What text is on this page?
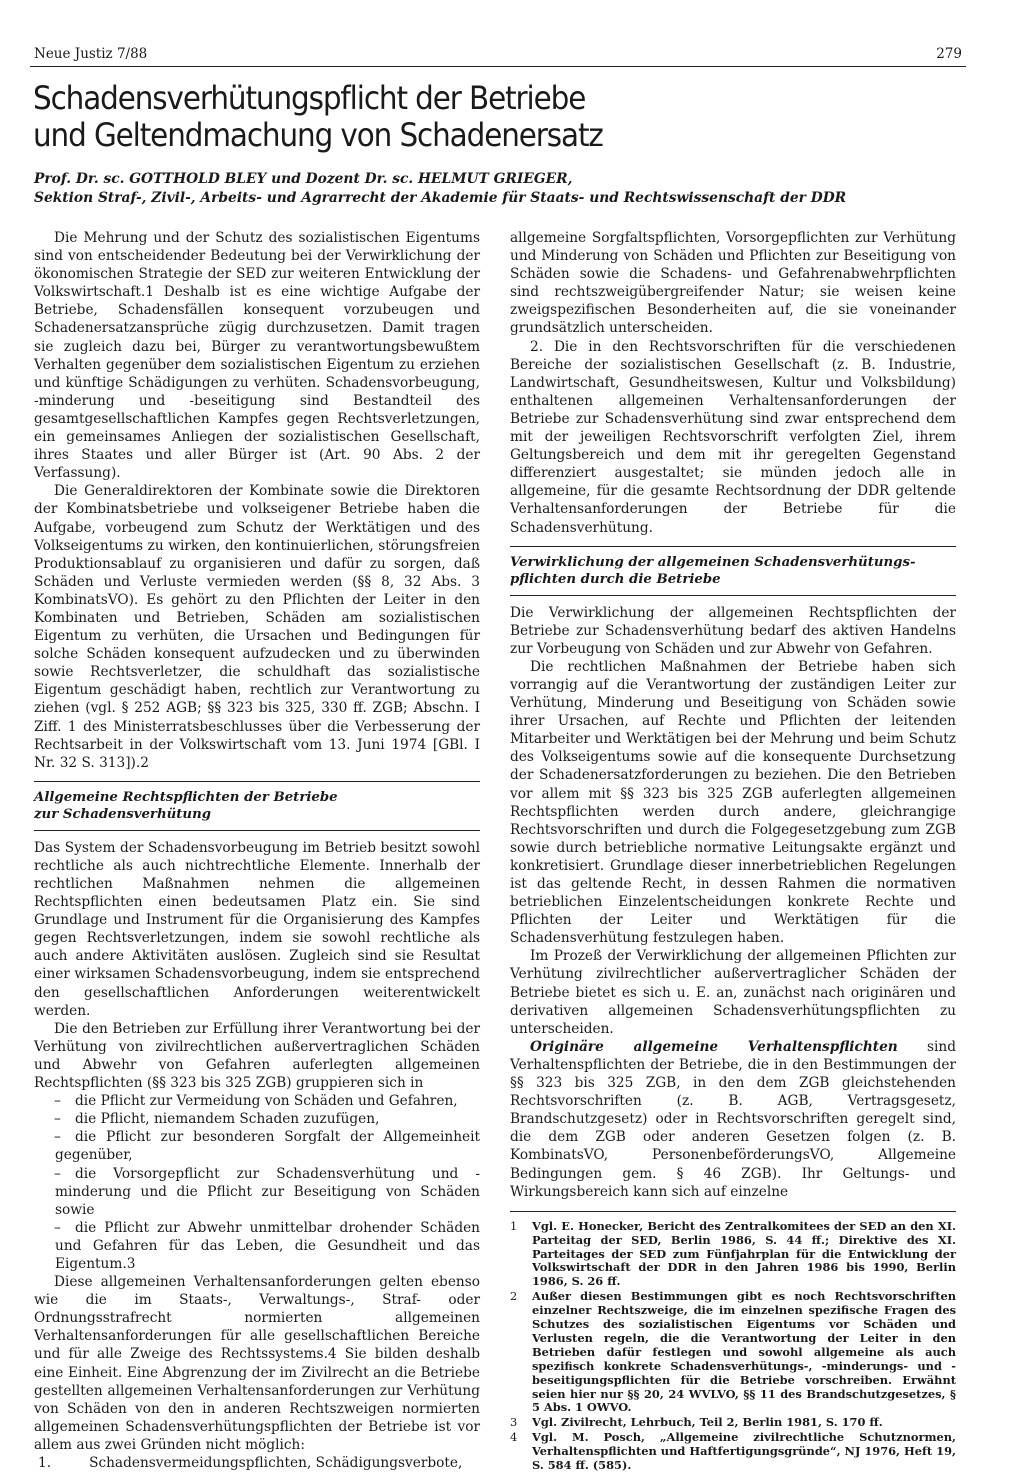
Neue Justiz 7/88	279
Schadensverhütungspflicht der Betriebe
und Geltendmachung von Schadenersatz
Prof. Dr. sc. GOTTHOLD BLEY und Dozent Dr. sc. HELMUT GRIEGER,
Sektion Straf-, Zivil-, Arbeits- und Agrarrecht der Akademie für Staats- und Rechtswissenschaft der DDR

Die Mehrung und der Schutz des sozialistischen Eigentums sind von entscheidender Bedeutung bei der Verwirklichung der ökonomischen Strategie der SED zur weiteren Entwicklung der Volkswirtschaft.1 Deshalb ist es eine wichtige Aufgabe der Betriebe, Schadensfällen konsequent vorzubeugen und Schadenersatzansprüche zügig durchzusetzen. Damit tragen sie zugleich dazu bei, Bürger zu verantwortungsbewußtem Verhalten gegenüber dem sozialistischen Eigentum zu erziehen und künftige Schädigungen zu verhüten. Schadensvorbeugung, -minderung und -beseitigung sind Bestandteil des gesamtgesellschaftlichen Kampfes gegen Rechtsverletzungen, ein gemeinsames Anliegen der sozialistischen Gesellschaft, ihres Staates und aller Bürger ist (Art. 90 Abs. 2 der Verfassung).

Die Generaldirektoren der Kombinate sowie die Direktoren der Kombinatsbetriebe und volkseigener Betriebe haben die Aufgabe, vorbeugend zum Schutz der Werktätigen und des Volkseigentums zu wirken, den kontinuierlichen, störungsfreien Produktionsablauf zu organisieren und dafür zu sorgen, daß Schäden und Verluste vermieden werden (§§ 8, 32 Abs. 3 KombinatsVO). Es gehört zu den Pflichten der Leiter in den Kombinaten und Betrieben, Schäden am sozialistischen Eigentum zu verhüten, die Ursachen und Bedingungen für solche Schäden konsequent aufzudecken und zu überwinden sowie Rechtsverletzer, die schuldhaft das sozialistische Eigentum geschädigt haben, rechtlich zur Verantwortung zu ziehen (vgl. § 252 AGB; §§ 323 bis 325, 330 ff. ZGB; Abschn. I Ziff. 1 des Ministerratsbeschlusses über die Verbesserung der Rechtsarbeit in der Volkswirtschaft vom 13. Juni 1974 [GBl. I Nr. 32 S. 313]).2

Allgemeine Rechtspflichten der Betriebe
zur Schadensverhütung

Das System der Schadensvorbeugung im Betrieb besitzt sowohl rechtliche als auch nichtrechtliche Elemente. Innerhalb der rechtlichen Maßnahmen nehmen die allgemeinen Rechtspflichten einen bedeutsamen Platz ein. Sie sind Grundlage und Instrument für die Organisierung des Kampfes gegen Rechtsverletzungen, indem sie sowohl rechtliche als auch andere Aktivitäten auslösen. Zugleich sind sie Resultat einer wirksamen Schadensvorbeugung, indem sie entsprechend den gesellschaftlichen Anforderungen weiterentwickelt werden.

Die den Betrieben zur Erfüllung ihrer Verantwortung bei der Verhütung von zivilrechtlichen außervertraglichen Schäden und Abwehr von Gefahren auferlegten allgemeinen Rechtspflichten (§§ 323 bis 325 ZGB) gruppieren sich in

– die Pflicht zur Vermeidung von Schäden und Gefahren,

– die Pflicht, niemandem Schaden zuzufügen,

– die Pflicht zur besonderen Sorgfalt der Allgemeinheit gegenüber,

– die Vorsorgepflicht zur Schadensverhütung und -minderung und die Pflicht zur Beseitigung von Schäden sowie

– die Pflicht zur Abwehr unmittelbar drohender Schäden und Gefahren für das Leben, die Gesundheit und das Eigentum.3

Diese allgemeinen Verhaltensanforderungen gelten ebenso wie die im Staats-, Verwaltungs-, Straf- oder Ordnungsstrafrecht normierten allgemeinen Verhaltensanforderungen für alle gesellschaftlichen Bereiche und für alle Zweige des Rechtssystems.4 Sie bilden deshalb eine Einheit. Eine Abgrenzung der im Zivilrecht an die Betriebe gestellten allgemeinen Verhaltensanforderungen zur Verhütung von Schäden von den in anderen Rechtszweigen normierten allgemeinen Schadensverhütungspflichten der Betriebe ist vor allem aus zwei Gründen nicht möglich:

1.	Schadensvermeidungspflichten, Schädigungsverbote,

allgemeine Sorgfaltspflichten, Vorsorgepflichten zur Verhütung und Minderung von Schäden und Pflichten zur Beseitigung von Schäden sowie die Schadens- und Gefahrenabwehrpflichten sind rechtszweigübergreifender Natur; sie weisen keine zweigspezifischen Besonderheiten auf, die sie voneinander grundsätzlich unterscheiden.

2. Die in den Rechtsvorschriften für die verschiedenen Bereiche der sozialistischen Gesellschaft (z. B. Industrie, Landwirtschaft, Gesundheitswesen, Kultur und Volksbildung) enthaltenen allgemeinen Verhaltensanforderungen der Betriebe zur Schadensverhütung sind zwar entsprechend dem mit der jeweiligen Rechtsvorschrift verfolgten Ziel, ihrem Geltungsbereich und dem mit ihr geregelten Gegenstand differenziert ausgestaltet; sie münden jedoch alle in allgemeine, für die gesamte Rechtsordnung der DDR geltende Verhaltensanforderungen der Betriebe für die Schadensverhütung.

Verwirklichung der allgemeinen Schadensverhütungs-
pflichten durch die Betriebe

Die Verwirklichung der allgemeinen Rechtspflichten der Betriebe zur Schadensverhütung bedarf des aktiven Handelns zur Vorbeugung von Schäden und zur Abwehr von Gefahren.

Die rechtlichen Maßnahmen der Betriebe haben sich vorrangig auf die Verantwortung der zuständigen Leiter zur Verhütung, Minderung und Beseitigung von Schäden sowie ihrer Ursachen, auf Rechte und Pflichten der leitenden Mitarbeiter und Werktätigen bei der Mehrung und beim Schutz des Volkseigentums sowie auf die konsequente Durchsetzung der Schadenersatzforderungen zu beziehen. Die den Betrieben vor allem mit §§ 323 bis 325 ZGB auferlegten allgemeinen Rechtspflichten werden durch andere, gleichrangige Rechtsvorschriften und durch die Folgegesetzgebung zum ZGB sowie durch betriebliche normative Leitungsakte ergänzt und konkretisiert. Grundlage dieser innerbetrieblichen Regelungen ist das geltende Recht, in dessen Rahmen die normativen betrieblichen Einzelentscheidungen konkrete Rechte und Pflichten der Leiter und Werktätigen für die Schadensverhütung festzulegen haben.

Im Prozeß der Verwirklichung der allgemeinen Pflichten zur Verhütung zivilrechtlicher außervertraglicher Schäden der Betriebe bietet es sich u. E. an, zunächst nach originären und derivativen allgemeinen Schadensverhütungspflichten zu unterscheiden.

Originäre allgemeine Verhaltenspflichten sind Verhaltenspflichten der Betriebe, die in den Bestimmungen der §§ 323 bis 325 ZGB, in den dem ZGB gleichstehenden Rechtsvorschriften (z. B. AGB, Vertragsgesetz, Brandschutzgesetz) oder in Rechtsvorschriften geregelt sind, die dem ZGB oder anderen Gesetzen folgen (z. B. KombinatsVO, PersonenbeförderungsVO, Allgemeine Bedingungen gem. § 46 ZGB). Ihr Geltungs- und Wirkungsbereich kann sich auf einzelne

1	Vgl. E. Honecker, Bericht des Zentralkomitees der SED an den XI. Parteitag der SED, Berlin 1986, S. 44 ff.; Direktive des XI. Parteitages der SED zum Fünfjahrplan für die Entwicklung der Volkswirtschaft der DDR in den Jahren 1986 bis 1990, Berlin 1986, S. 26 ff.
2	Außer diesen Bestimmungen gibt es noch Rechtsvorschriften einzelner Rechtszweige, die im einzelnen spezifische Fragen des Schutzes des sozialistischen Eigentums vor Schäden und Verlusten regeln, die die Verantwortung der Leiter in den Betrieben dafür festlegen und sowohl allgemeine als auch spezifisch konkrete Schadensverhütungs-, -minderungs- und -beseitigungspflichten für die Betriebe vorschreiben. Erwähnt seien hier nur §§ 20, 24 WVLVO, §§ 11 des Brandschutzgesetzes, § 5 Abs. 1 OWVO.
3	Vgl. Zivilrecht, Lehrbuch, Teil 2, Berlin 1981, S. 170 ff.
4	Vgl. M. Posch, „Allgemeine zivilrechtliche Schutznormen, Verhaltenspflichten und Haftfertigungsgründe“, NJ 1976, Heft 19, S. 584 ff. (585).
